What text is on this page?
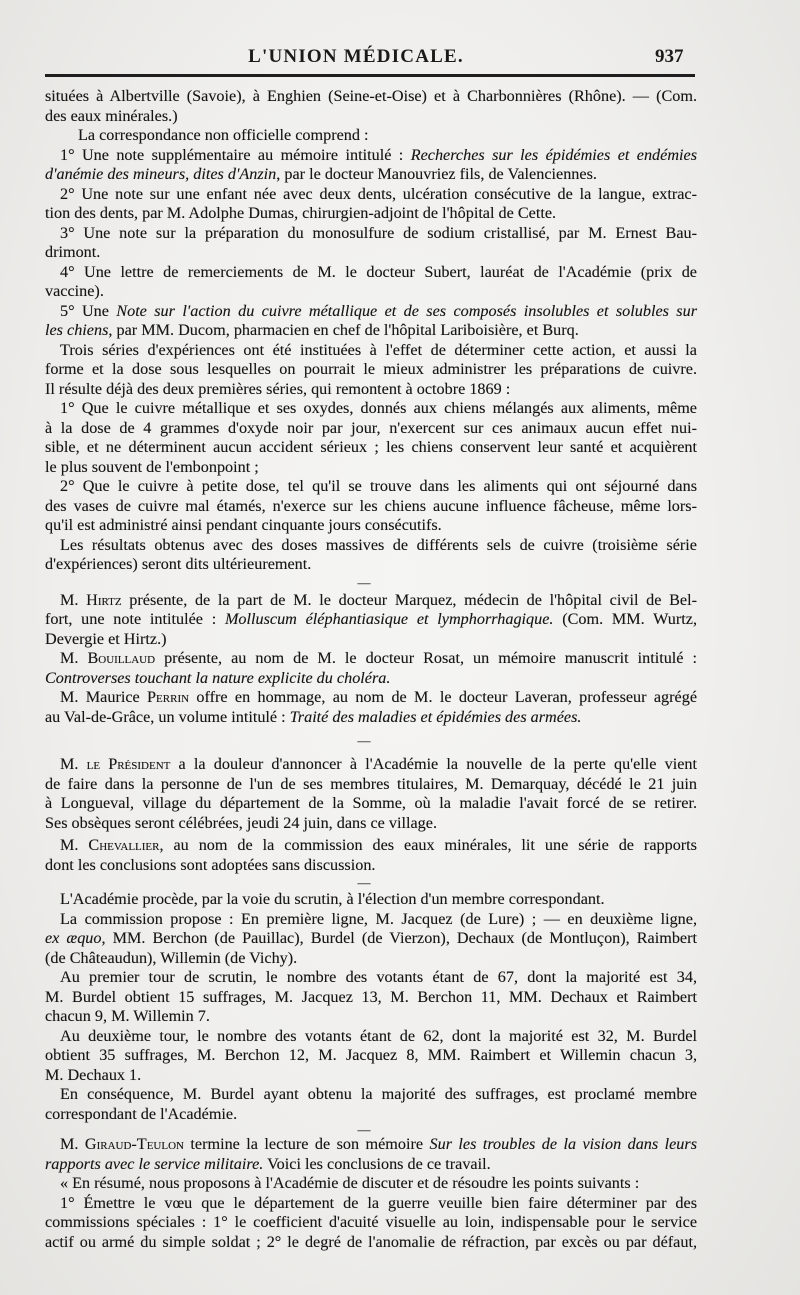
L'UNION MÉDICALE.	937
situées à Albertville (Savoie), à Enghien (Seine-et-Oise) et à Charbonnières (Rhône). — (Com.
des eaux minérales.)
La correspondance non officielle comprend :
1° Une note supplémentaire au mémoire intitulé : Recherches sur les épidémies et endémies
d'anémie des mineurs, dites d'Anzin, par le docteur Manouvriez fils, de Valenciennes.
2° Une note sur une enfant née avec deux dents, ulcération consécutive de la langue, extrac-
tion des dents, par M. Adolphe Dumas, chirurgien-adjoint de l'hôpital de Cette.
3° Une note sur la préparation du monosulfure de sodium cristallisé, par M. Ernest Bau-
drimont.
4° Une lettre de remerciements de M. le docteur Subert, lauréat de l'Académie (prix de
vaccine).
5° Une Note sur l'action du cuivre métallique et de ses composés insolubles et solubles sur
les chiens, par MM. Ducom, pharmacien en chef de l'hôpital Lariboisière, et Burq.
Trois séries d'expériences ont été instituées à l'effet de déterminer cette action, et aussi la
forme et la dose sous lesquelles on pourrait le mieux administrer les préparations de cuivre.
Il résulte déjà des deux premières séries, qui remontent à octobre 1869 :
1° Que le cuivre métallique et ses oxydes, donnés aux chiens mélangés aux aliments, même
à la dose de 4 grammes d'oxyde noir par jour, n'exercent sur ces animaux aucun effet nui-
sible, et ne déterminent aucun accident sérieux ; les chiens conservent leur santé et acquièrent
le plus souvent de l'embonpoint ;
2° Que le cuivre à petite dose, tel qu'il se trouve dans les aliments qui ont séjourné dans
des vases de cuivre mal étamés, n'exerce sur les chiens aucune influence fâcheuse, même lors-
qu'il est administré ainsi pendant cinquante jours consécutifs.
Les résultats obtenus avec des doses massives de différents sels de cuivre (troisième série
d'expériences) seront dits ultérieurement.
—
M. Hirtz présente, de la part de M. le docteur Marquez, médecin de l'hôpital civil de Bel-
fort, une note intitulée : Molluscum éléphantiasique et lymphorrhagique. (Com. MM. Wurtz,
Devergie et Hirtz.)
M. Bouillaud présente, au nom de M. le docteur Rosat, un mémoire manuscrit intitulé :
Controverses touchant la nature explicite du choléra.
M. Maurice Perrin offre en hommage, au nom de M. le docteur Laveran, professeur agrégé
au Val-de-Grâce, un volume intitulé : Traité des maladies et épidémies des armées.
—
M. le Président a la douleur d'annoncer à l'Académie la nouvelle de la perte qu'elle vient
de faire dans la personne de l'un de ses membres titulaires, M. Demarquay, décédé le 21 juin
à Longueval, village du département de la Somme, où la maladie l'avait forcé de se retirer.
Ses obsèques seront célébrées, jeudi 24 juin, dans ce village.
M. Chevallier, au nom de la commission des eaux minérales, lit une série de rapports
dont les conclusions sont adoptées sans discussion.
—
L'Académie procède, par la voie du scrutin, à l'élection d'un membre correspondant.
La commission propose : En première ligne, M. Jacquez (de Lure) ; — en deuxième ligne,
ex æquo, MM. Berchon (de Pauillac), Burdel (de Vierzon), Dechaux (de Montluçon), Raimbert
(de Châteaudun), Willemin (de Vichy).
Au premier tour de scrutin, le nombre des votants étant de 67, dont la majorité est 34,
M. Burdel obtient 15 suffrages, M. Jacquez 13, M. Berchon 11, MM. Dechaux et Raimbert
chacun 9, M. Willemin 7.
Au deuxième tour, le nombre des votants étant de 62, dont la majorité est 32, M. Burdel
obtient 35 suffrages, M. Berchon 12, M. Jacquez 8, MM. Raimbert et Willemin chacun 3,
M. Dechaux 1.
En conséquence, M. Burdel ayant obtenu la majorité des suffrages, est proclamé membre
correspondant de l'Académie.
—
M. Giraud-Teulon termine la lecture de son mémoire Sur les troubles de la vision dans leurs
rapports avec le service militaire. Voici les conclusions de ce travail.
« En résumé, nous proposons à l'Académie de discuter et de résoudre les points suivants :
1° Émettre le vœu que le département de la guerre veuille bien faire déterminer par des
commissions spéciales : 1° le coefficient d'acuité visuelle au loin, indispensable pour le service
actif ou armé du simple soldat ; 2° le degré de l'anomalie de réfraction, par excès ou par défaut,
